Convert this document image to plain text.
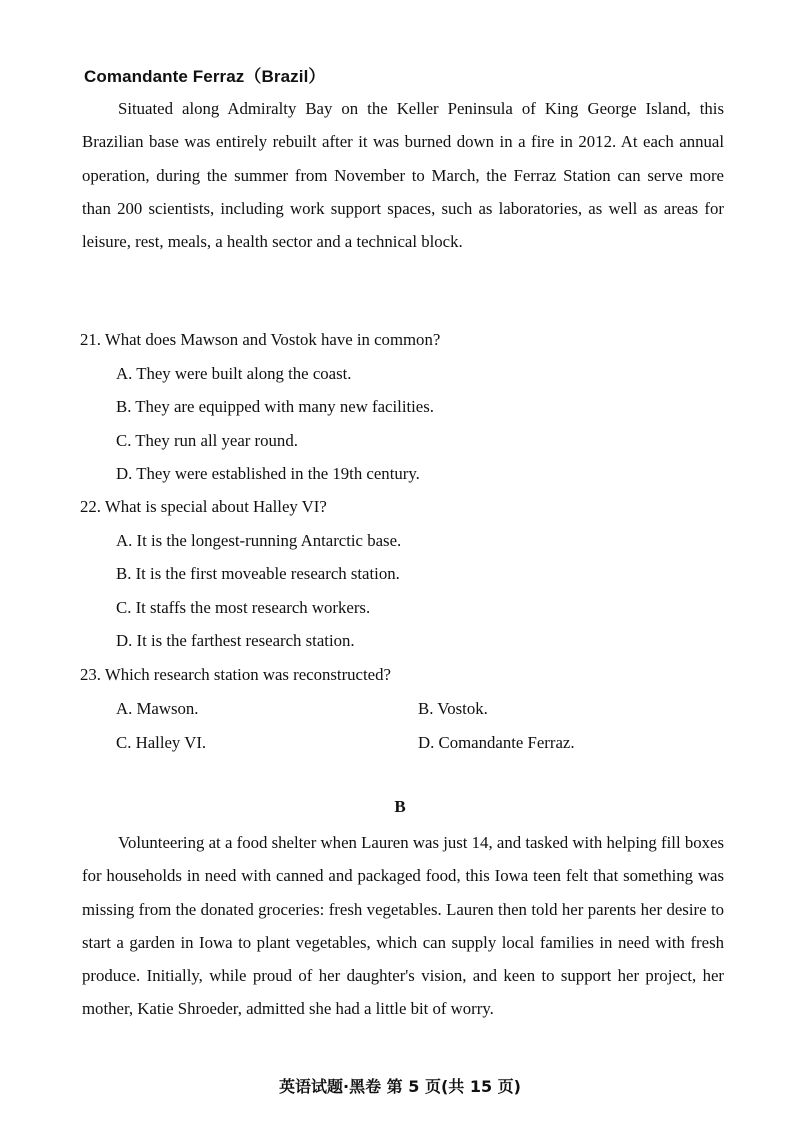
Comandante Ferraz（Brazil）

Situated along Admiralty Bay on the Keller Peninsula of King George Island, this Brazilian base was entirely rebuilt after it was burned down in a fire in 2012. At each annual operation, during the summer from November to March, the Ferraz Station can serve more than 200 scientists, including work support spaces, such as laboratories, as well as areas for leisure, rest, meals, a health sector and a technical block.

21. What does Mawson and Vostok have in common?
A. They were built along the coast.
B. They are equipped with many new facilities.
C. They run all year round.
D. They were established in the 19th century.
22. What is special about Halley VI?
A. It is the longest-running Antarctic base.
B. It is the first moveable research station.
C. It staffs the most research workers.
D. It is the farthest research station.
23. Which research station was reconstructed?
A. Mawson.	B. Vostok.
C. Halley VI.	D. Comandante Ferraz.
B

Volunteering at a food shelter when Lauren was just 14, and tasked with helping fill boxes for households in need with canned and packaged food, this Iowa teen felt that something was missing from the donated groceries: fresh vegetables. Lauren then told her parents her desire to start a garden in Iowa to plant vegetables, which can supply local families in need with fresh produce. Initially, while proud of her daughter's vision, and keen to support her project, her mother, Katie Shroeder, admitted she had a little bit of worry.

英语试题·黑卷 第 5 页(共 15 页)
